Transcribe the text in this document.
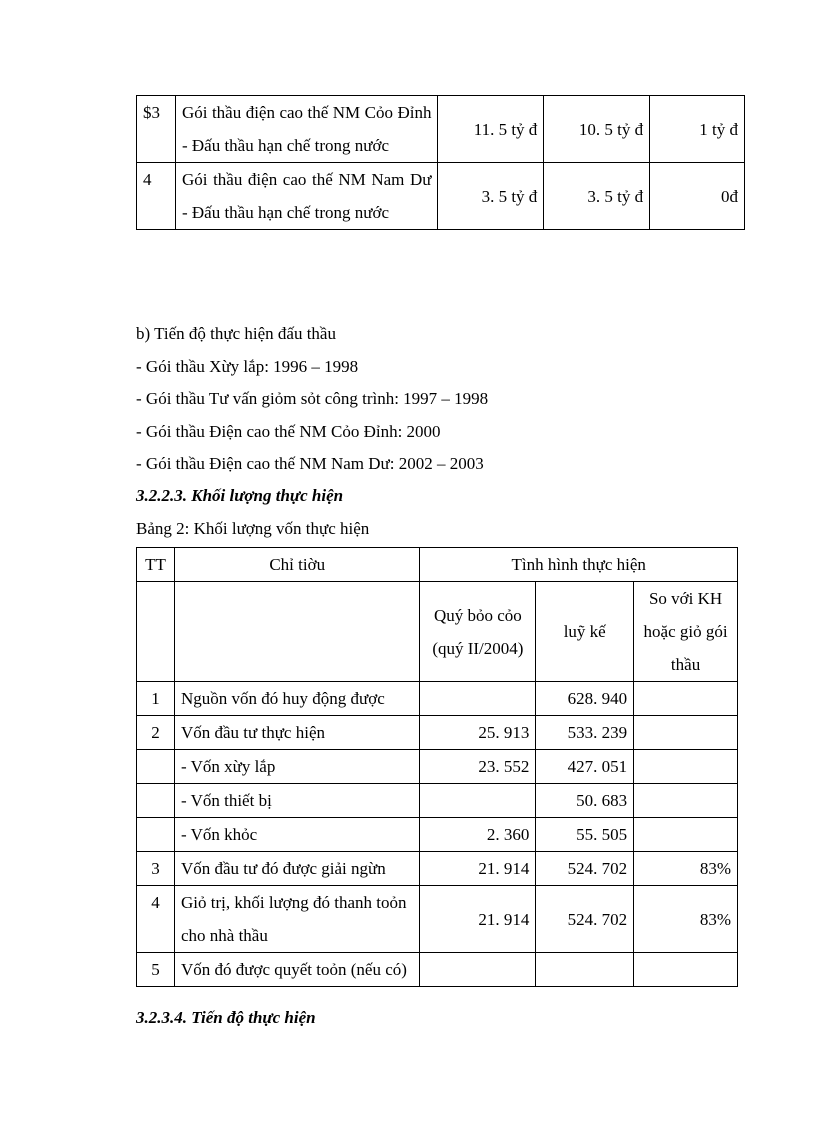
$3	Gói thầu điện cao thế NM Cỏo Đỉnh - Đấu thầu hạn chế trong nước	11. 5 tỷ đ	10. 5 tỷ đ	1 tỷ đ
4	Gói thầu điện cao thế NM Nam Dư - Đấu thầu hạn chế trong nước	3. 5 tỷ đ	3. 5 tỷ đ	0đ
b) Tiến độ thực hiện đấu thầu
- Gói thầu Xừy lắp: 1996 – 1998
- Gói thầu Tư vấn giỏm sỏt công trình: 1997 – 1998
- Gói thầu Điện cao thế NM Cỏo Đỉnh: 2000
- Gói thầu Điện cao thế NM Nam Dư: 2002 – 2003
3.2.2.3. Khối lượng thực hiện
Bảng 2: Khối lượng vốn thực hiện
TT	Chỉ tiờu	Tình hình thực hiện		
		Quý bỏo cỏo (quý II/2004)	luỹ kế	So với KH hoặc giỏ gói thầu
1	Nguồn vốn đó huy động được		628. 940	
2	Vốn đầu tư thực hiện	25. 913	533. 239	
	- Vốn xừy lắp	23. 552	427. 051	
	- Vốn thiết bị		50. 683	
	- Vốn khỏc	2. 360	55. 505	
3	Vốn đầu tư đó được giải ngừn	21. 914	524. 702	83%
4	Giỏ trị, khối lượng đó thanh toỏn cho nhà thầu	21. 914	524. 702	83%
5	Vốn đó được quyết toỏn (nếu có)			
3.2.3.4. Tiến độ thực hiện
